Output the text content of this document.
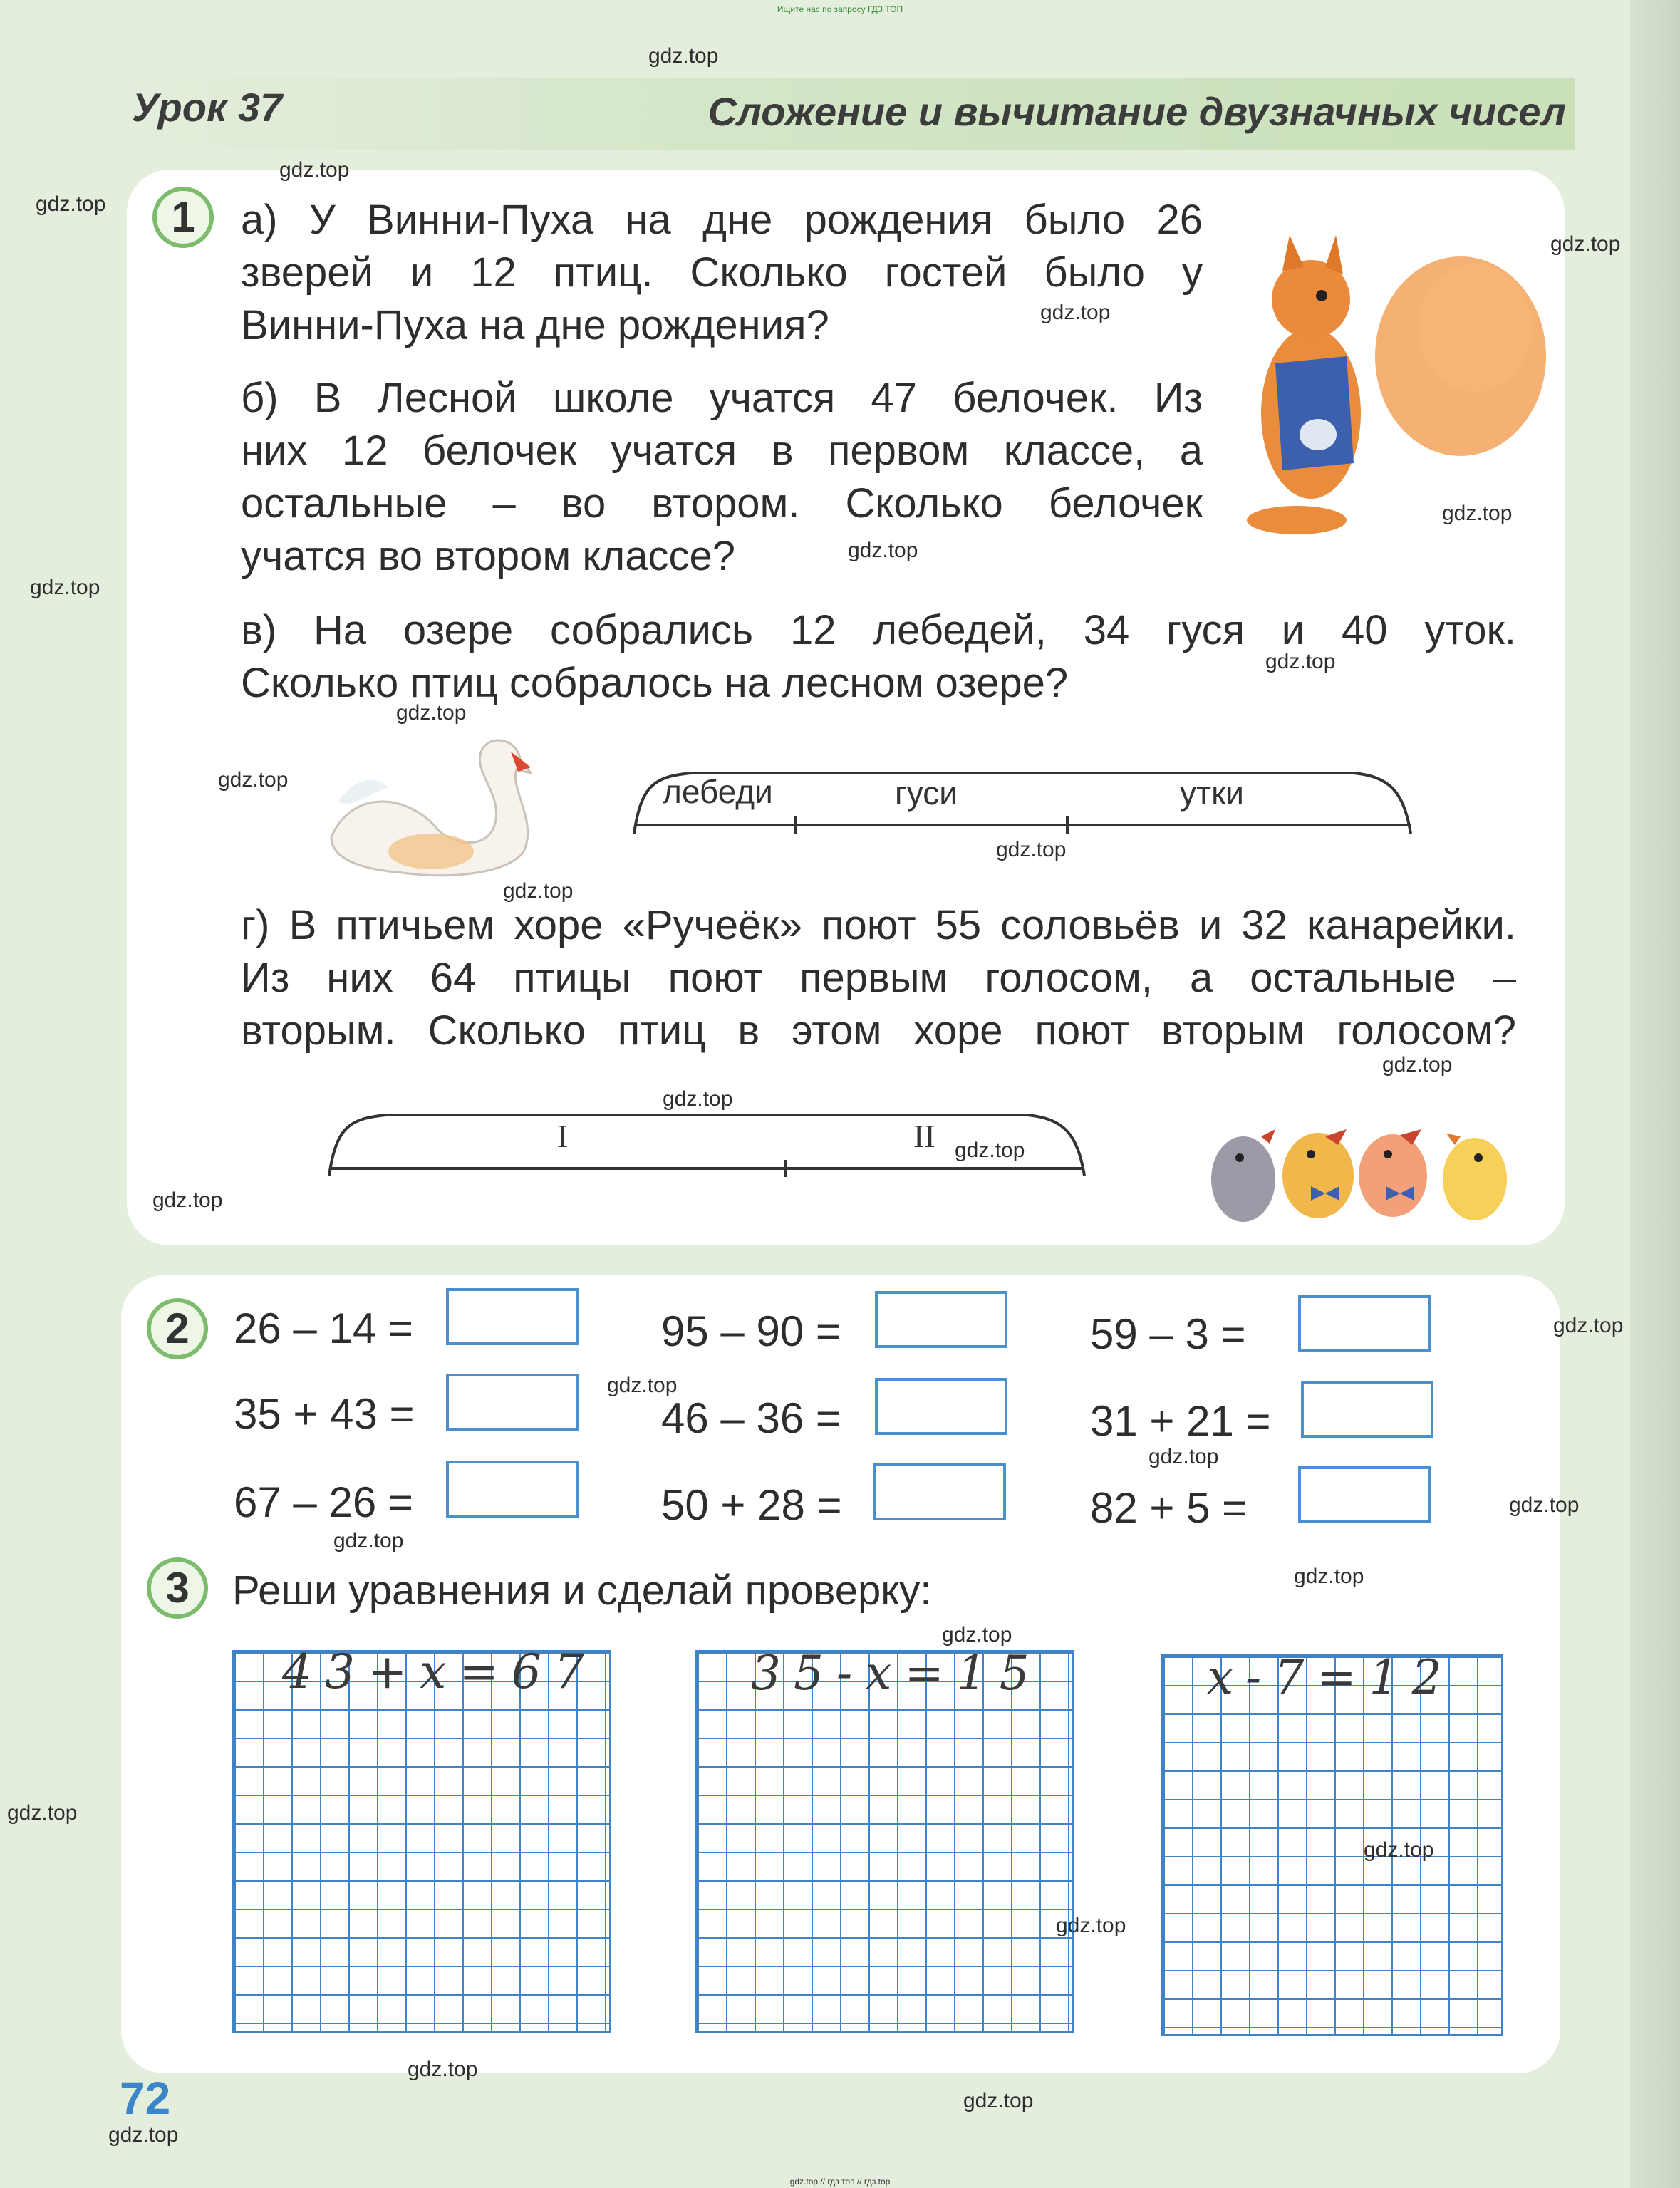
Ищите нас по запросу ГДЗ ТОП
Урок 37	Сложение и вычитание двузначных чисел
1	а) У Винни-Пуха на дне рождения было 26
зверей и 12 птиц. Сколько гостей было у
Винни-Пуха на дне рождения?
б) В Лесной школе учатся 47 белочек. Из
них 12 белочек учатся в первом классе, а
остальные – во втором. Сколько белочек
учатся во втором классе?
в) На озере собрались 12 лебедей, 34 гуся и 40 уток.
Сколько птиц собралось на лесном озере?
лебеди	гуси	утки
г) В птичьем хоре «Ручеёк» поют 55 соловьёв и 32 канарейки.
Из них 64 птицы поют первым голосом, а остальные –
вторым. Сколько птиц в этом хоре поют вторым голосом?
I	II
2	26 – 14 =	95 – 90 =	59 – 3 =
35 + 43 =	46 – 36 =	31 + 21 =
67 – 26 =	50 + 28 =	82 + 5 =
3	Реши уравнения и сделай проверку:
43+x=67	35-x=15	x-7=12
72
gdz.top
gdz.top
gdz.top
gdz.top
gdz.top
gdz.top
gdz.top
gdz.top
gdz.top
gdz.top
gdz.top
gdz.top
gdz.top
gdz.top
gdz.top
gdz.top
gdz.top
gdz.top
gdz.top
gdz.top
gdz.top
gdz.top
gdz.top
gdz.top
gdz.top
gdz.top
gdz.top
gdz.top
gdz.top
gdz.top
gdz.top // гдз топ // гдз.top
